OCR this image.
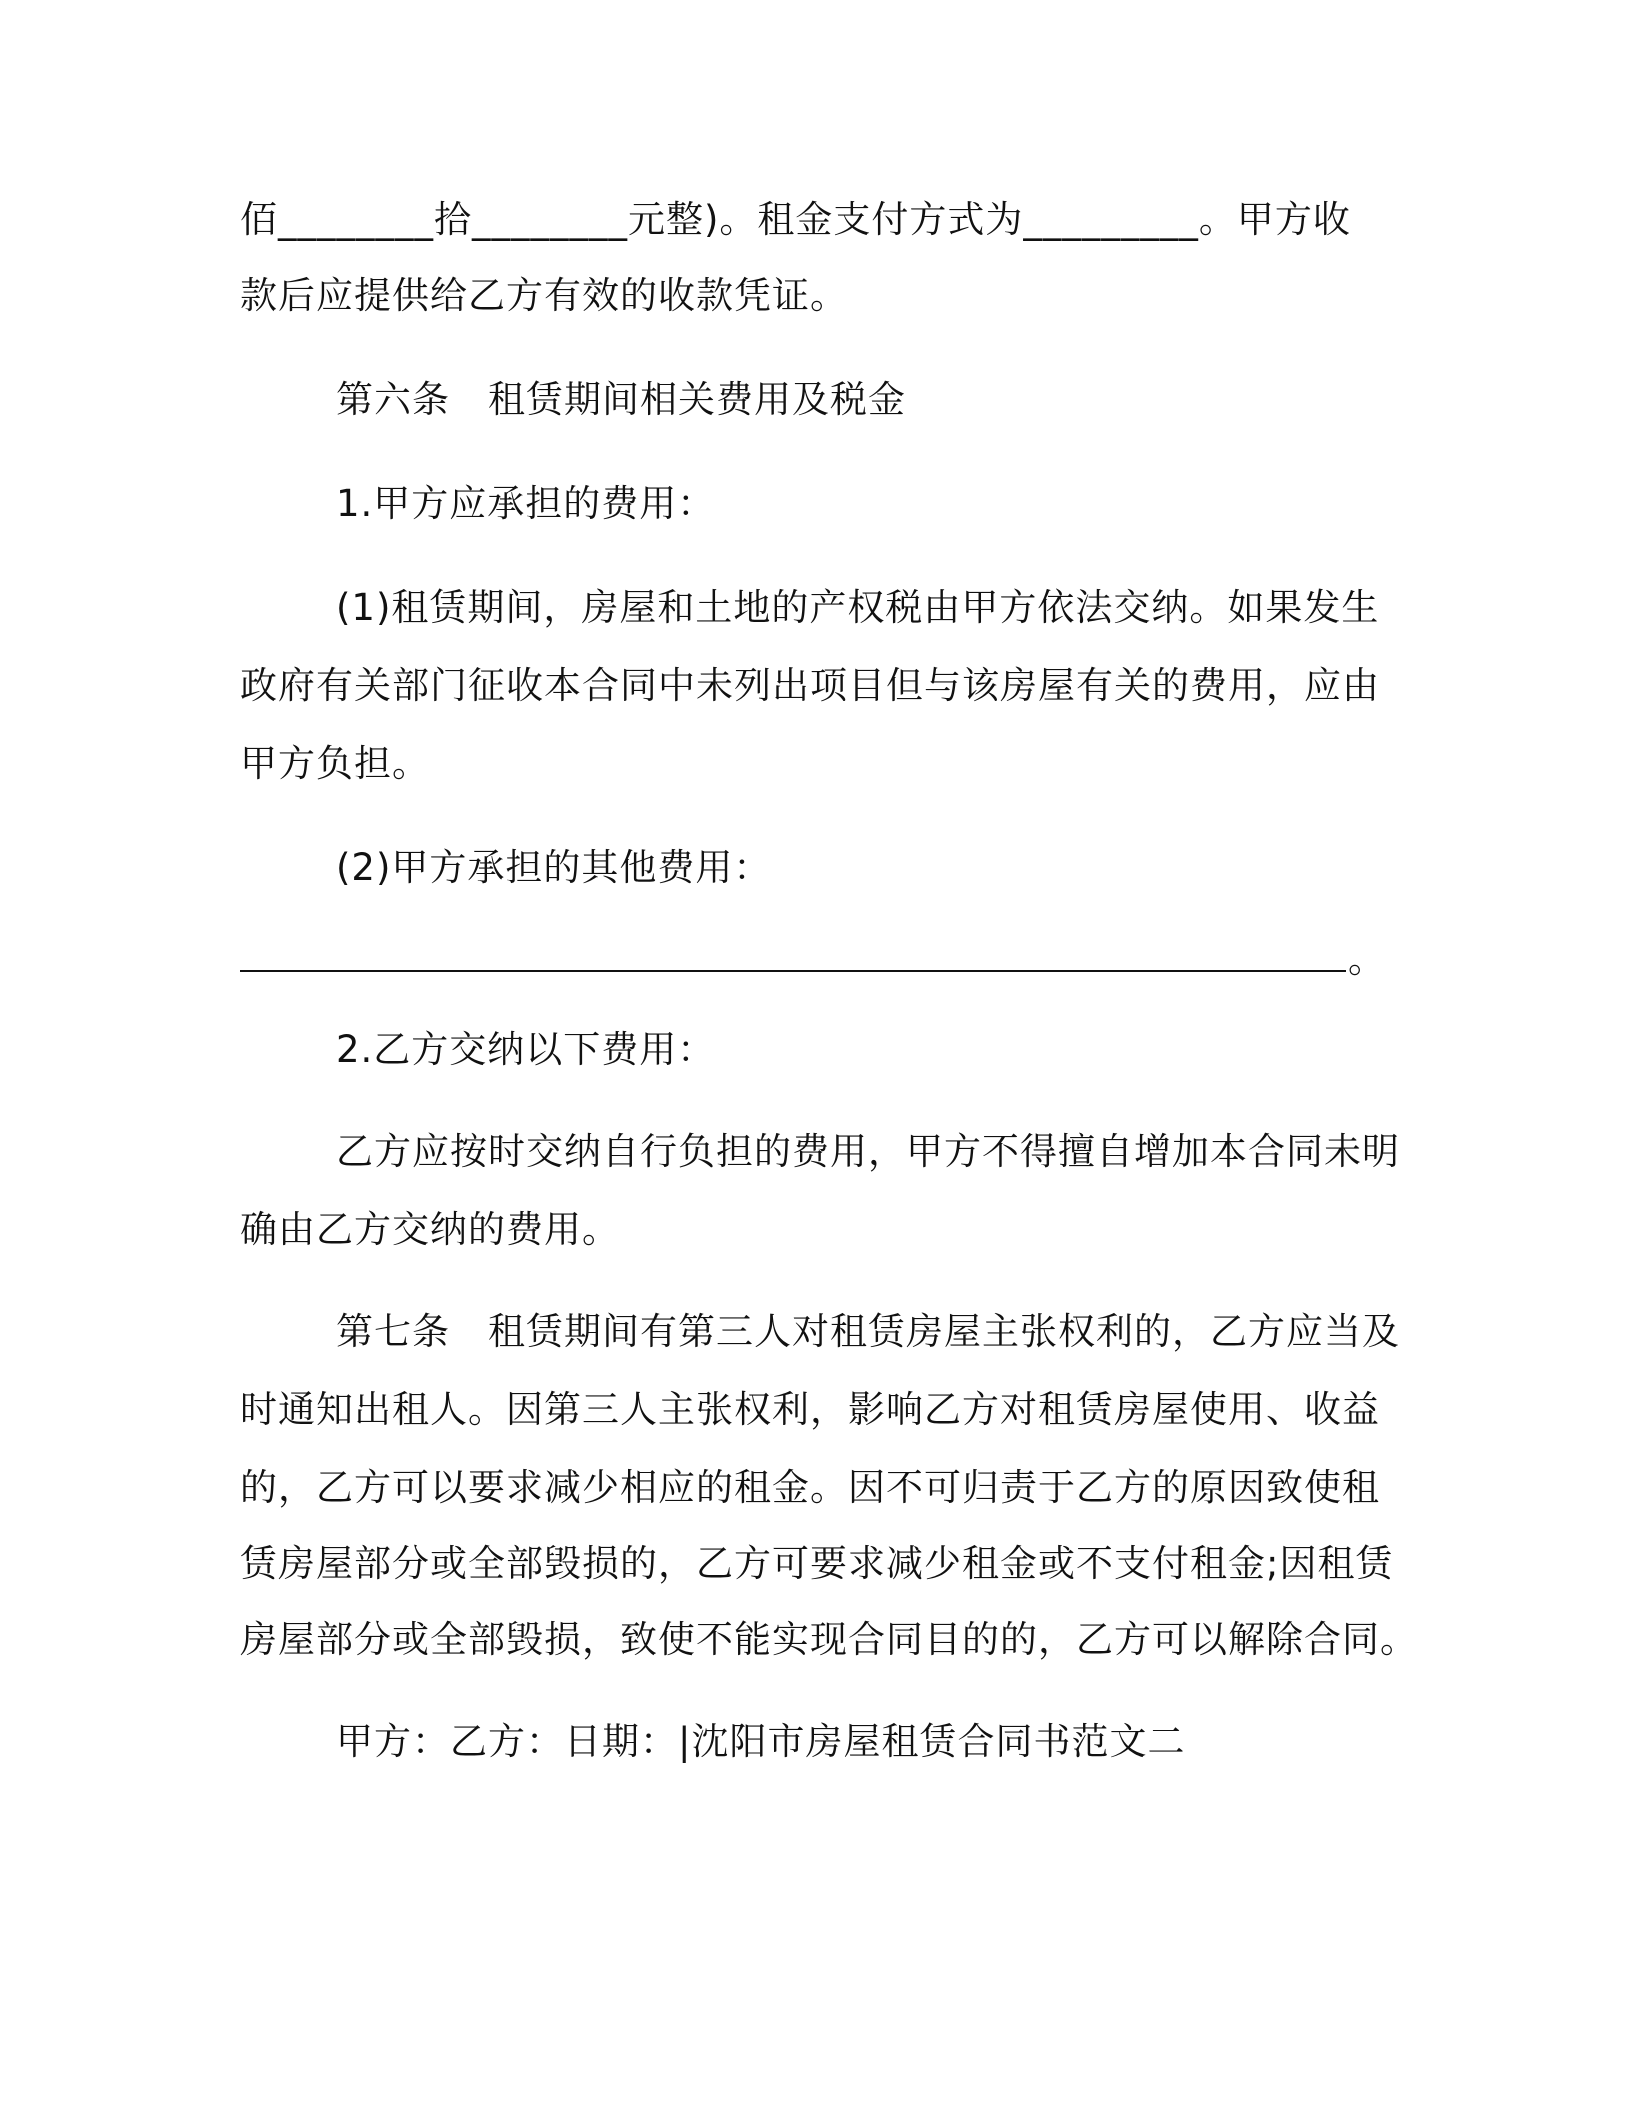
佰________拾________元整)。租金支付方式为_________。甲方收
款后应提供给乙方有效的收款凭证。
第六条　租赁期间相关费用及税金
1.甲方应承担的费用：
(1)租赁期间，房屋和土地的产权税由甲方依法交纳。如果发生
政府有关部门征收本合同中未列出项目但与该房屋有关的费用，应由
甲方负担。
(2)甲方承担的其他费用：
。
2.乙方交纳以下费用：
乙方应按时交纳自行负担的费用，甲方不得擅自增加本合同未明
确由乙方交纳的费用。
第七条　租赁期间有第三人对租赁房屋主张权利的，乙方应当及
时通知出租人。因第三人主张权利，影响乙方对租赁房屋使用、收益
的，乙方可以要求减少相应的租金。因不可归责于乙方的原因致使租
赁房屋部分或全部毁损的，乙方可要求减少租金或不支付租金;因租赁
房屋部分或全部毁损，致使不能实现合同目的的，乙方可以解除合同。
甲方：乙方：日期：|沈阳市房屋租赁合同书范文二
